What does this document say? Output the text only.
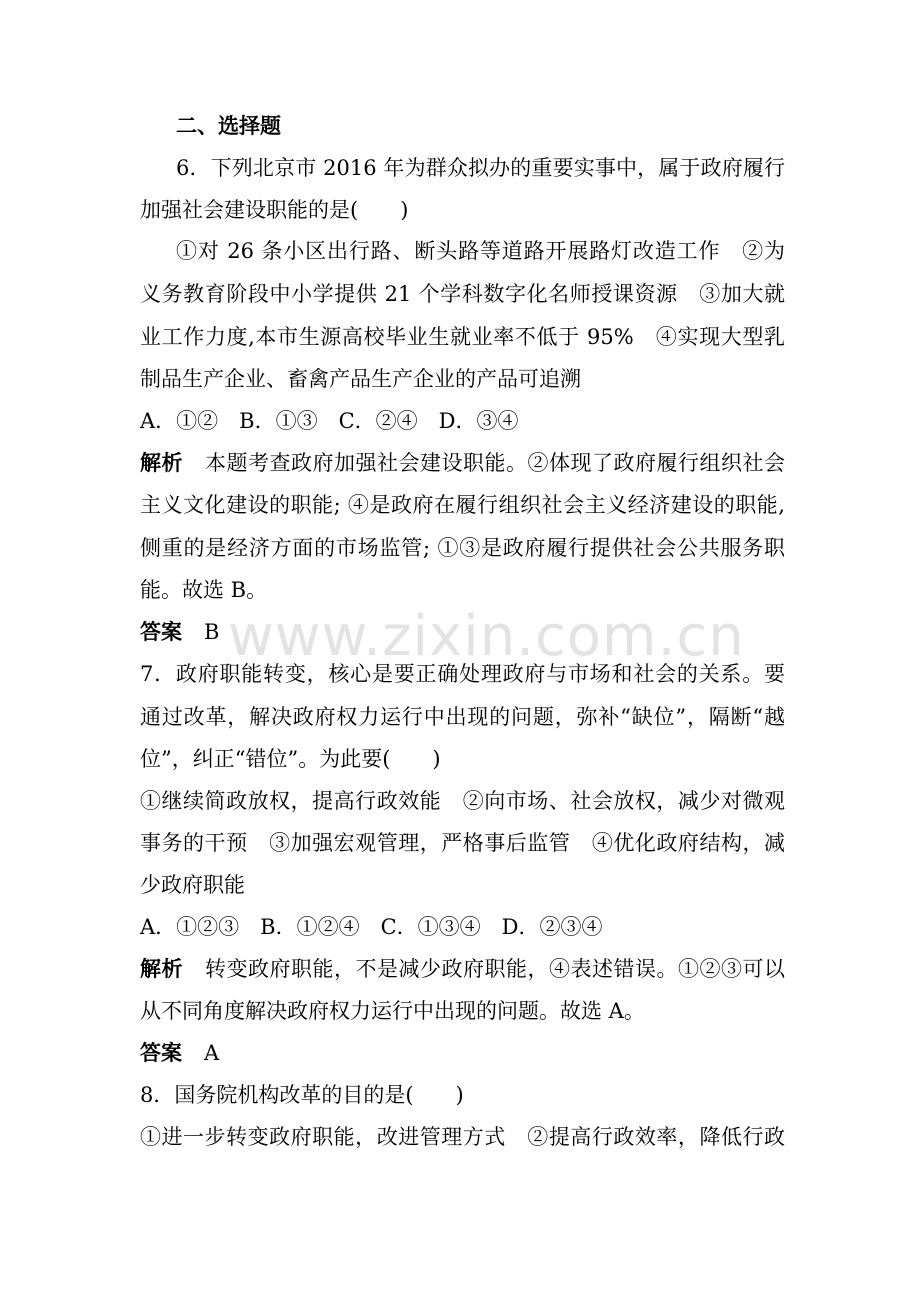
www.zixin.com.cn
二、选择题
6．下列北京市 2016 年为群众拟办的重要实事中，属于政府履行
加强社会建设职能的是(　　)
①对 26 条小区出行路、断头路等道路开展路灯改造工作　②为
义务教育阶段中小学提供 21 个学科数字化名师授课资源　③加大就
业工作力度,本市生源高校毕业生就业率不低于 95%　④实现大型乳
制品生产企业、畜禽产品生产企业的产品可追溯
A．①②　B．①③　C．②④　D．③④
解析 本题考查政府加强社会建设职能。②体现了政府履行组织社会
主义文化建设的职能; ④是政府在履行组织社会主义经济建设的职能,
侧重的是经济方面的市场监管; ①③是政府履行提供社会公共服务职
能。故选 B。
答案 B
7．政府职能转变，核心是要正确处理政府与市场和社会的关系。要
通过改革，解决政府权力运行中出现的问题，弥补“缺位”，隔断“越
位”，纠正“错位”。为此要(　　)
①继续简政放权，提高行政效能　②向市场、社会放权，减少对微观
事务的干预　③加强宏观管理，严格事后监管　④优化政府结构，减
少政府职能
A．①②③　B．①②④　C．①③④　D．②③④
解析 转变政府职能，不是减少政府职能，④表述错误。①②③可以
从不同角度解决政府权力运行中出现的问题。故选 A。
答案 A
8．国务院机构改革的目的是(　　)
①进一步转变政府职能，改进管理方式　②提高行政效率，降低行政
